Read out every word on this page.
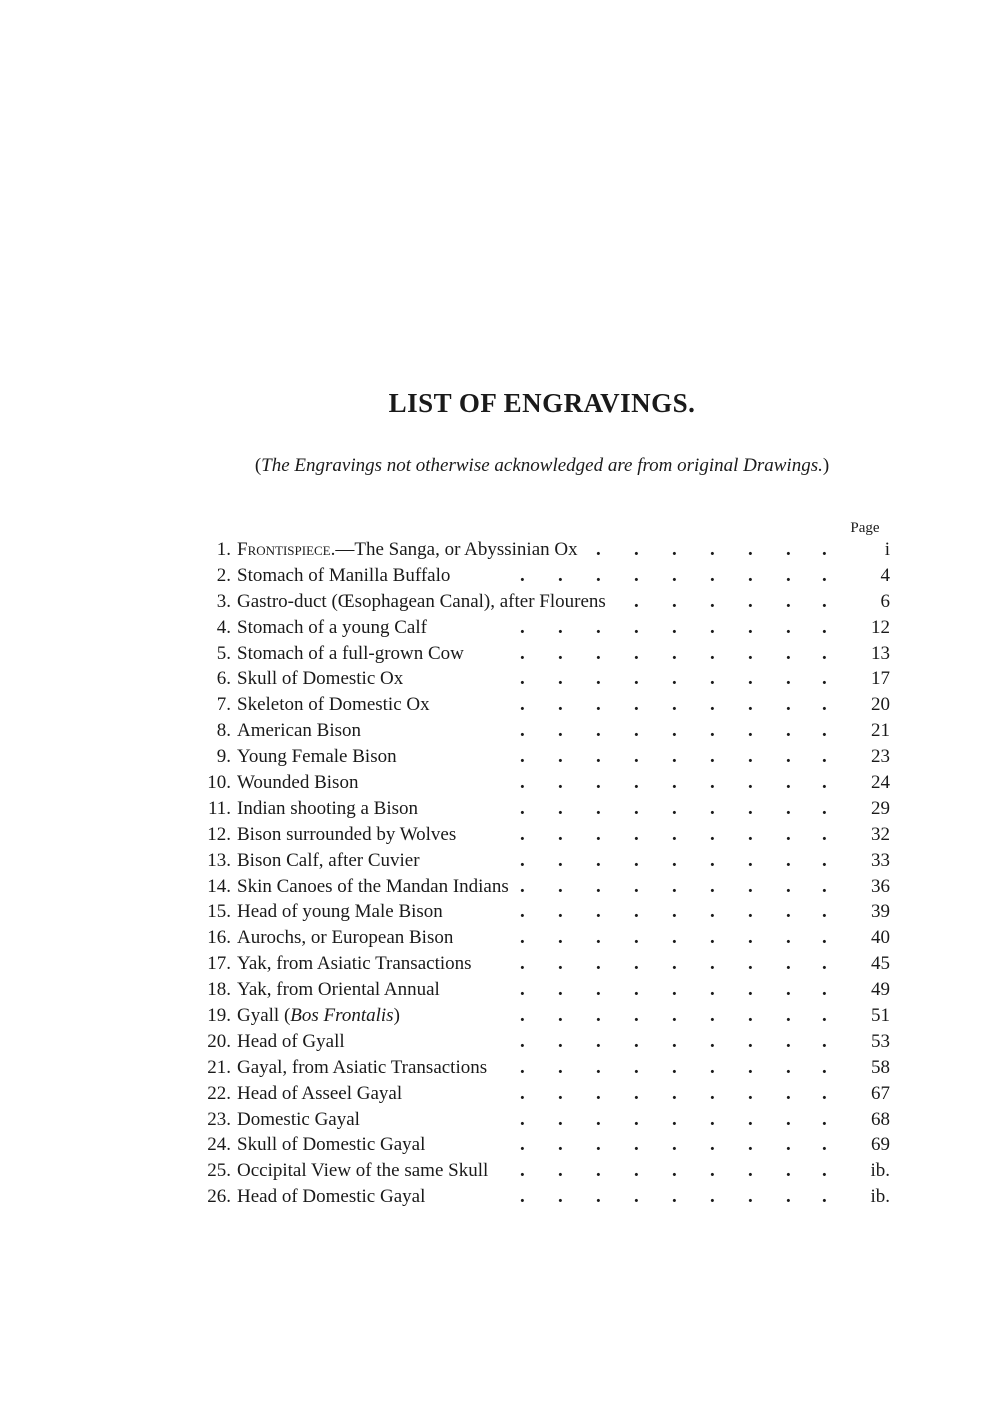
LIST OF ENGRAVINGS.
(The Engravings not otherwise acknowledged are from original Drawings.)
Page
1. Frontispiece.—The Sanga, or Abyssinian Ox . . . . . . .	i
2. Stomach of Manilla Buffalo	. . . . . . . . .	4
3. Gastro-duct (Œsophagean Canal), after Flourens . . . . . .	6
4. Stomach of a young Calf	. . . . . . . . .	12
5. Stomach of a full-grown Cow	. . . . . . . . .	13
6. Skull of Domestic Ox	. . . . . . . . .	17
7. Skeleton of Domestic Ox	. . . . . . . . .	20
8. American Bison	. . . . . . . . .	21
9. Young Female Bison	. . . . . . . . .	23
10. Wounded Bison	. . . . . . . . .	24
11. Indian shooting a Bison	. . . . . . . . .	29
12. Bison surrounded by Wolves	. . . . . . . . .	32
13. Bison Calf, after Cuvier	. . . . . . . . .	33
14. Skin Canoes of the Mandan Indians . . . . . . . . .	36
15. Head of young Male Bison	. . . . . . . . .	39
16. Aurochs, or European Bison	. . . . . . . . .	40
17. Yak, from Asiatic Transactions	. . . . . . . . .	45
18. Yak, from Oriental Annual	. . . . . . . . .	49
19. Gyall (Bos Frontalis)	. . . . . . . . .	51
20. Head of Gyall	. . . . . . . . .	53
21. Gayal, from Asiatic Transactions . . . . . . . . .	58
22. Head of Asseel Gayal	. . . . . . . . .	67
23. Domestic Gayal	. . . . . . . . .	68
24. Skull of Domestic Gayal	. . . . . . . . .	69
25. Occipital View of the same Skull . . . . . . . . .	ib.
26. Head of Domestic Gayal	. . . . . . . . .	ib.
